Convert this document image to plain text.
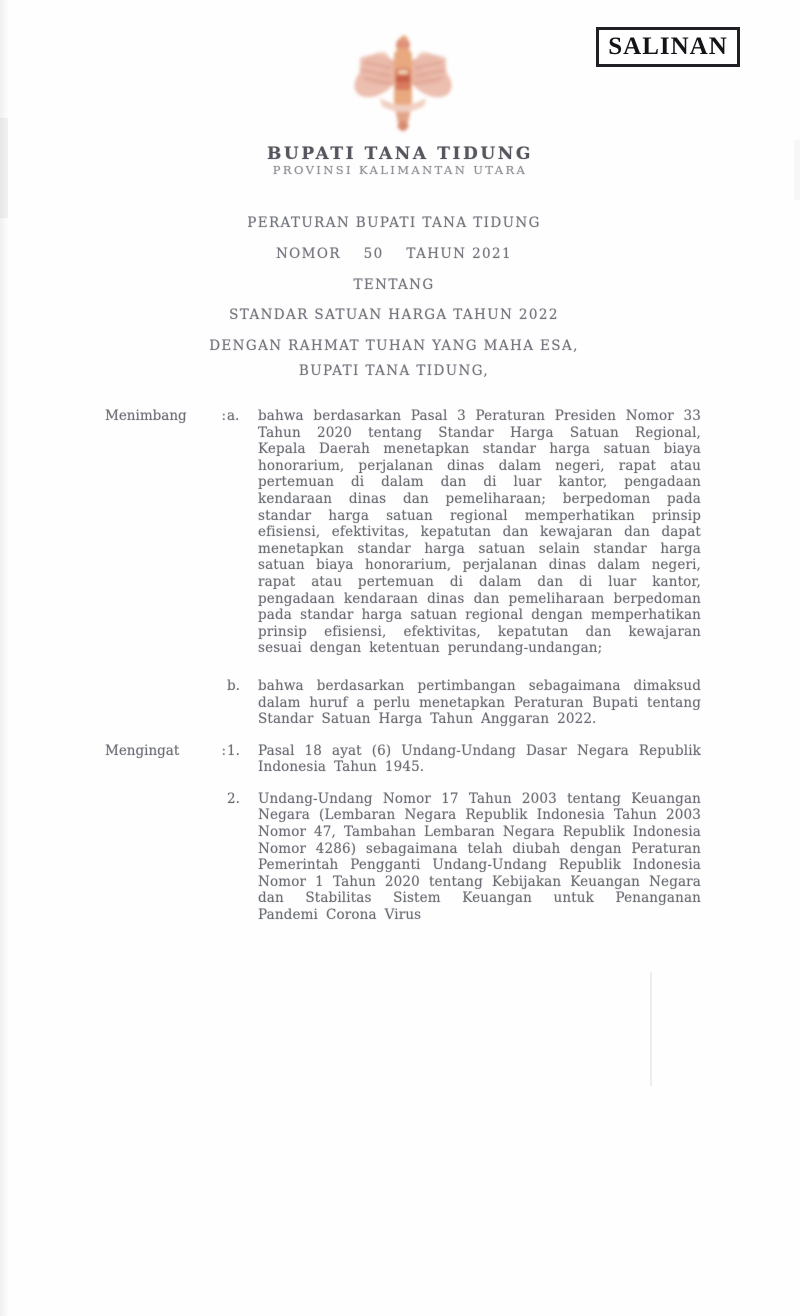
SALINAN
BUPATI TANA TIDUNG
PROVINSI KALIMANTAN UTARA
PERATURAN BUPATI TANA TIDUNG
NOMOR    50    TAHUN 2021
TENTANG
STANDAR SATUAN HARGA TAHUN 2022
DENGAN RAHMAT TUHAN YANG MAHA ESA,
BUPATI TANA TIDUNG,
Menimbang	: a.	bahwa berdasarkan Pasal 3 Peraturan Presiden Nomor 33 Tahun 2020 tentang Standar Harga Satuan Regional, Kepala Daerah menetapkan standar harga satuan biaya honorarium, perjalanan dinas dalam negeri, rapat atau pertemuan di dalam dan di luar kantor, pengadaan kendaraan dinas dan pemeliharaan; berpedoman pada standar harga satuan regional memperhatikan prinsip efisiensi, efektivitas, kepatutan dan kewajaran dan dapat menetapkan standar harga satuan selain standar harga satuan biaya honorarium, perjalanan dinas dalam negeri, rapat atau pertemuan di dalam dan di luar kantor, pengadaan kendaraan dinas dan pemeliharaan berpedoman pada standar harga satuan regional dengan memperhatikan prinsip efisiensi, efektivitas, kepatutan dan kewajaran sesuai dengan ketentuan perundang-undangan;
b.	bahwa berdasarkan pertimbangan sebagaimana dimaksud dalam huruf a perlu menetapkan Peraturan Bupati tentang Standar Satuan Harga Tahun Anggaran 2022.
Mengingat	: 1.	Pasal 18 ayat (6) Undang-Undang Dasar Negara Republik Indonesia Tahun 1945.
2.	Undang-Undang Nomor 17 Tahun 2003 tentang Keuangan Negara (Lembaran Negara Republik Indonesia Tahun 2003 Nomor 47, Tambahan Lembaran Negara Republik Indonesia Nomor 4286) sebagaimana telah diubah dengan Peraturan Pemerintah Pengganti Undang-Undang Republik Indonesia Nomor 1 Tahun 2020 tentang Kebijakan Keuangan Negara dan Stabilitas Sistem Keuangan untuk Penanganan Pandemi Corona Virus
